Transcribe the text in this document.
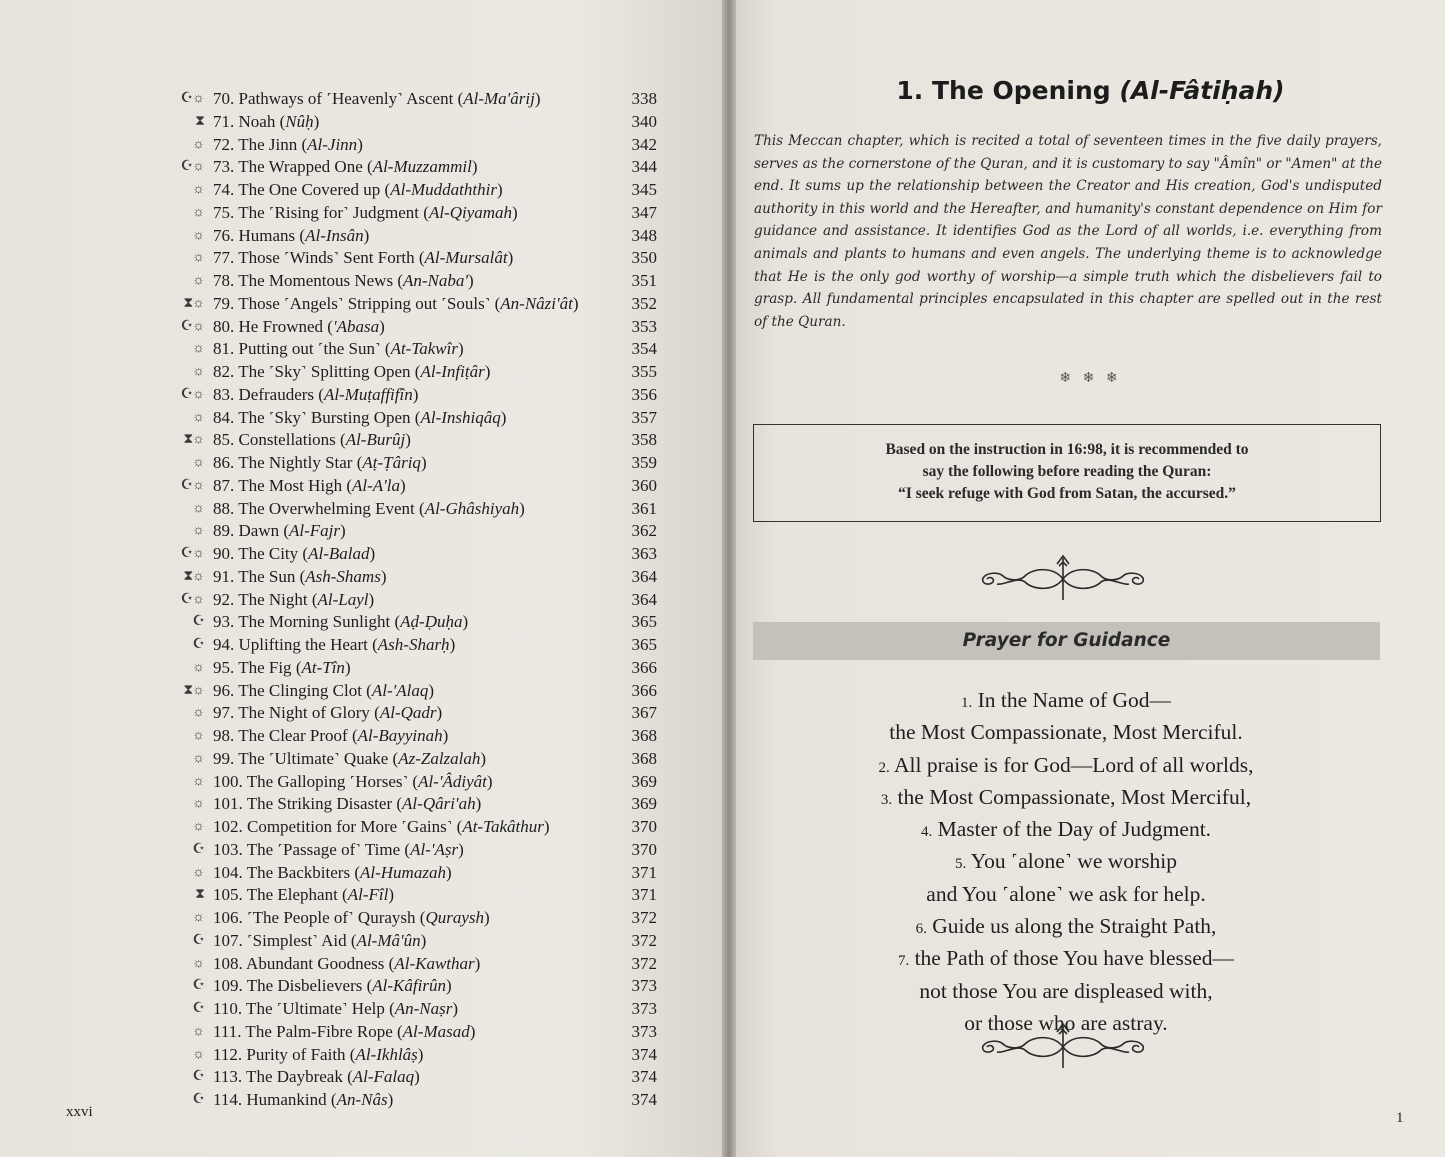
☪☼ 70. Pathways of ˹Heavenly˺ Ascent (Al-Ma'ârij)	338
⧗ 71. Noah (Nûḥ)	340
☼ 72. The Jinn (Al-Jinn)	342
☪☼ 73. The Wrapped One (Al-Muzzammil)	344
☼ 74. The One Covered up (Al-Muddaththir)	345
☼ 75. The ˹Rising for˺ Judgment (Al-Qiyamah)	347
☼ 76. Humans (Al-Insân)	348
☼ 77. Those ˹Winds˺ Sent Forth (Al-Mursalât)	350
☼ 78. The Momentous News (An-Naba')	351
⧗☼ 79. Those ˹Angels˺ Stripping out ˹Souls˺ (An-Nâzi'ât)	352
☪☼ 80. He Frowned ('Abasa)	353
☼ 81. Putting out ˹the Sun˺ (At-Takwîr)	354
☼ 82. The ˹Sky˺ Splitting Open (Al-Infiṭâr)	355
☪☼ 83. Defrauders (Al-Muṭaffifîn)	356
☼ 84. The ˹Sky˺ Bursting Open (Al-Inshiqâq)	357
⧗☼ 85. Constellations (Al-Burûj)	358
☼ 86. The Nightly Star (Aṭ-Ṭâriq)	359
☪☼ 87. The Most High (Al-A'la)	360
☼ 88. The Overwhelming Event (Al-Ghâshiyah)	361
☼ 89. Dawn (Al-Fajr)	362
☪☼ 90. The City (Al-Balad)	363
⧗☼ 91. The Sun (Ash-Shams)	364
☪☼ 92. The Night (Al-Layl)	364
☪ 93. The Morning Sunlight (Aḍ-Ḍuḥa)	365
☪ 94. Uplifting the Heart (Ash-Sharḥ)	365
☼ 95. The Fig (At-Tîn)	366
⧗☼ 96. The Clinging Clot (Al-'Alaq)	366
☼ 97. The Night of Glory (Al-Qadr)	367
☼ 98. The Clear Proof (Al-Bayyinah)	368
☼ 99. The ˹Ultimate˺ Quake (Az-Zalzalah)	368
☼ 100. The Galloping ˹Horses˺ (Al-'Âdiyât)	369
☼ 101. The Striking Disaster (Al-Qâri'ah)	369
☼ 102. Competition for More ˹Gains˺ (At-Takâthur)	370
☪ 103. The ˹Passage of˺ Time (Al-'Aṣr)	370
☼ 104. The Backbiters (Al-Humazah)	371
⧗ 105. The Elephant (Al-Fîl)	371
☼ 106. ˹The People of˺ Quraysh (Quraysh)	372
☪ 107. ˹Simplest˺ Aid (Al-Mâ'ûn)	372
☼ 108. Abundant Goodness (Al-Kawthar)	372
☪ 109. The Disbelievers (Al-Kâfirûn)	373
☪ 110. The ˹Ultimate˺ Help (An-Naṣr)	373
☼ 111. The Palm-Fibre Rope (Al-Masad)	373
☼ 112. Purity of Faith (Al-Ikhlâṣ)	374
☪ 113. The Daybreak (Al-Falaq)	374
☪ 114. Humankind (An-Nâs)	374
xxvi
1. The Opening (Al-Fâtiḥah)
This Meccan chapter, which is recited a total of seventeen times in the five daily prayers, serves as the cornerstone of the Quran, and it is customary to say "Âmîn" or "Amen" at the end. It sums up the relationship between the Creator and His creation, God's undisputed authority in this world and the Hereafter, and humanity's constant dependence on Him for guidance and assistance. It identifies God as the Lord of all worlds, i.e. everything from animals and plants to humans and even angels. The underlying theme is to acknowledge that He is the only god worthy of worship—a simple truth which the disbelievers fail to grasp. All fundamental principles encapsulated in this chapter are spelled out in the rest of the Quran.
❄ ❄ ❄
Based on the instruction in 16:98, it is recommended to
say the following before reading the Quran:
“I seek refuge with God from Satan, the accursed.”
Prayer for Guidance
1. In the Name of God—
the Most Compassionate, Most Merciful.
2. All praise is for God—Lord of all worlds,
3. the Most Compassionate, Most Merciful,
4. Master of the Day of Judgment.
5. You ˹alone˺ we worship
and You ˹alone˺ we ask for help.
6. Guide us along the Straight Path,
7. the Path of those You have blessed—
not those You are displeased with,
or those who are astray.
1
